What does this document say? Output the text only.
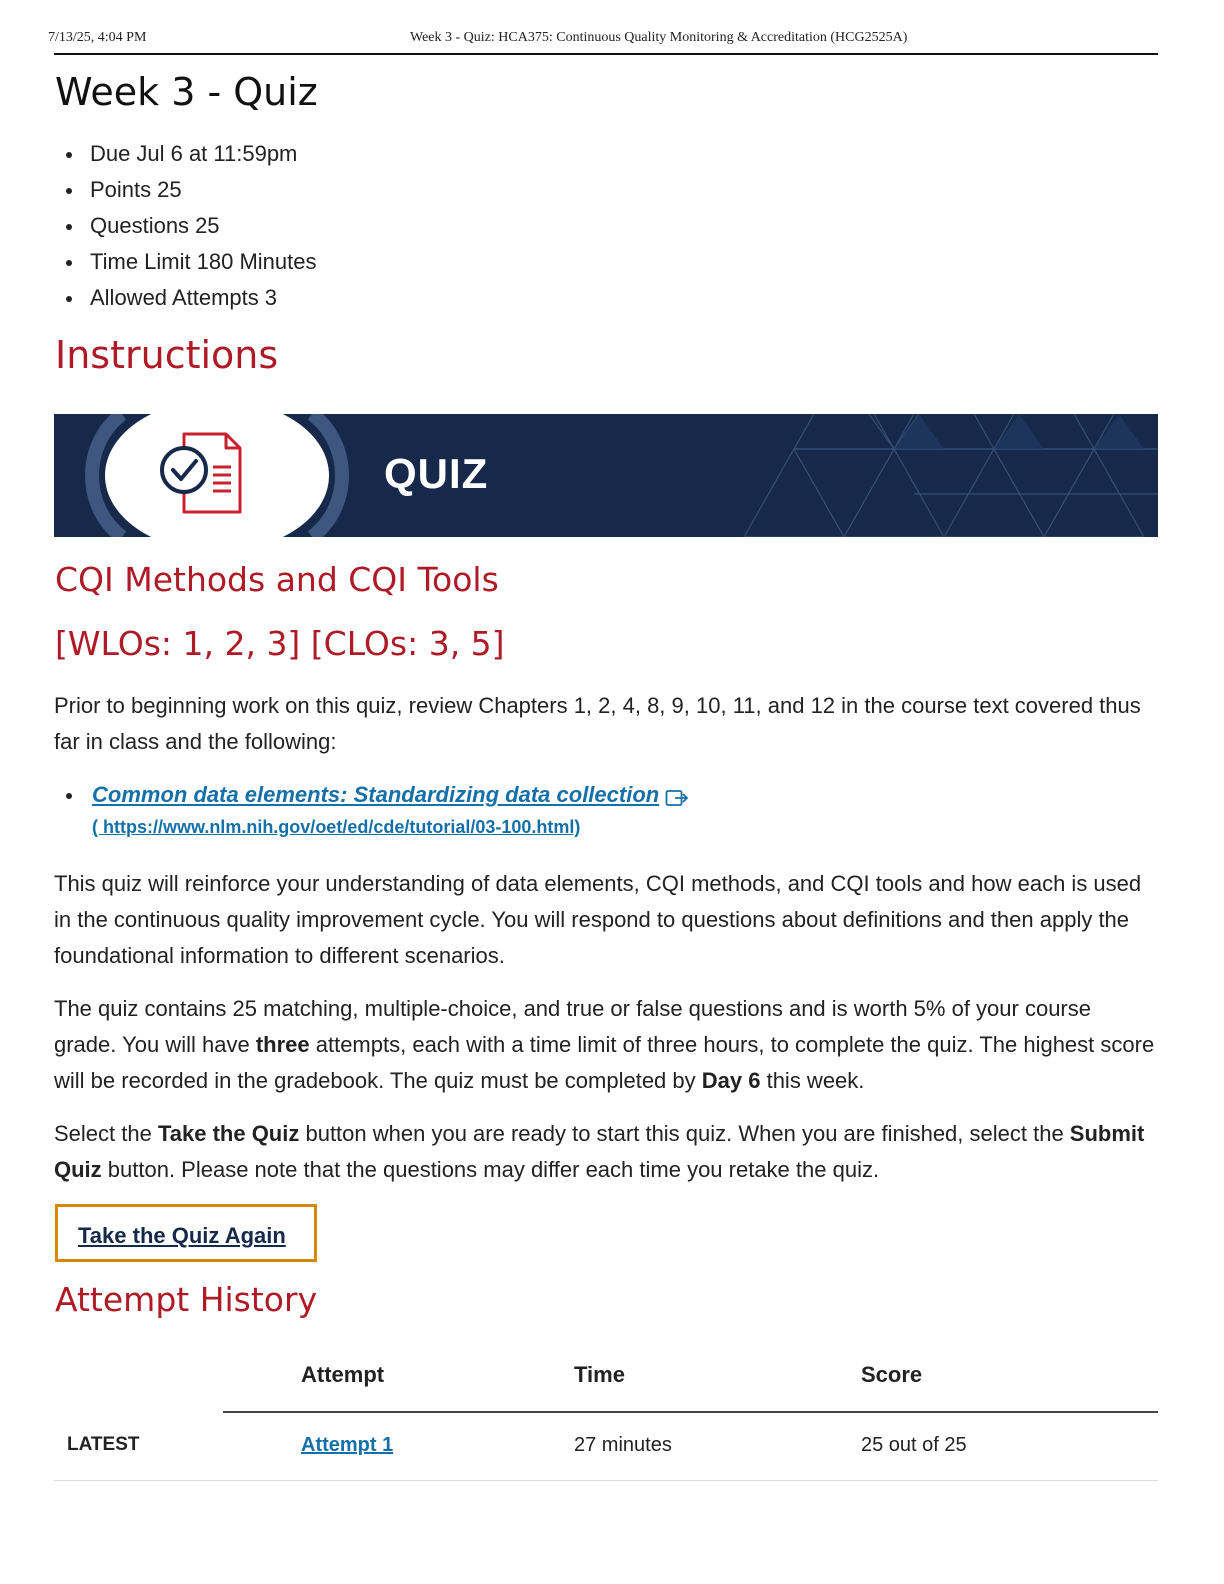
7/13/25, 4:04 PM	Week 3 - Quiz: HCA375: Continuous Quality Monitoring & Accreditation (HCG2525A)
Week 3 - Quiz
Due Jul 6 at 11:59pm
Points 25
Questions 25
Time Limit 180 Minutes
Allowed Attempts 3
Instructions
QUIZ
CQI Methods and CQI Tools
[WLOs: 1, 2, 3] [CLOs: 3, 5]

Prior to beginning work on this quiz, review Chapters 1, 2, 4, 8, 9, 10, 11, and 12 in the course text covered thus far in class and the following:

Common data elements: Standardizing data collection
( https://www.nlm.nih.gov/oet/ed/cde/tutorial/03-100.html)

This quiz will reinforce your understanding of data elements, CQI methods, and CQI tools and how each is used in the continuous quality improvement cycle. You will respond to questions about definitions and then apply the foundational information to different scenarios.

The quiz contains 25 matching, multiple-choice, and true or false questions and is worth 5% of your course grade. You will have three attempts, each with a time limit of three hours, to complete the quiz. The highest score will be recorded in the gradebook. The quiz must be completed by Day 6 this week.

Select the Take the Quiz button when you are ready to start this quiz. When you are finished, select the Submit Quiz button. Please note that the questions may differ each time you retake the quiz.

Take the Quiz Again
Attempt History
Attempt	Time	Score
LATEST	Attempt 1	27 minutes	25 out of 25
